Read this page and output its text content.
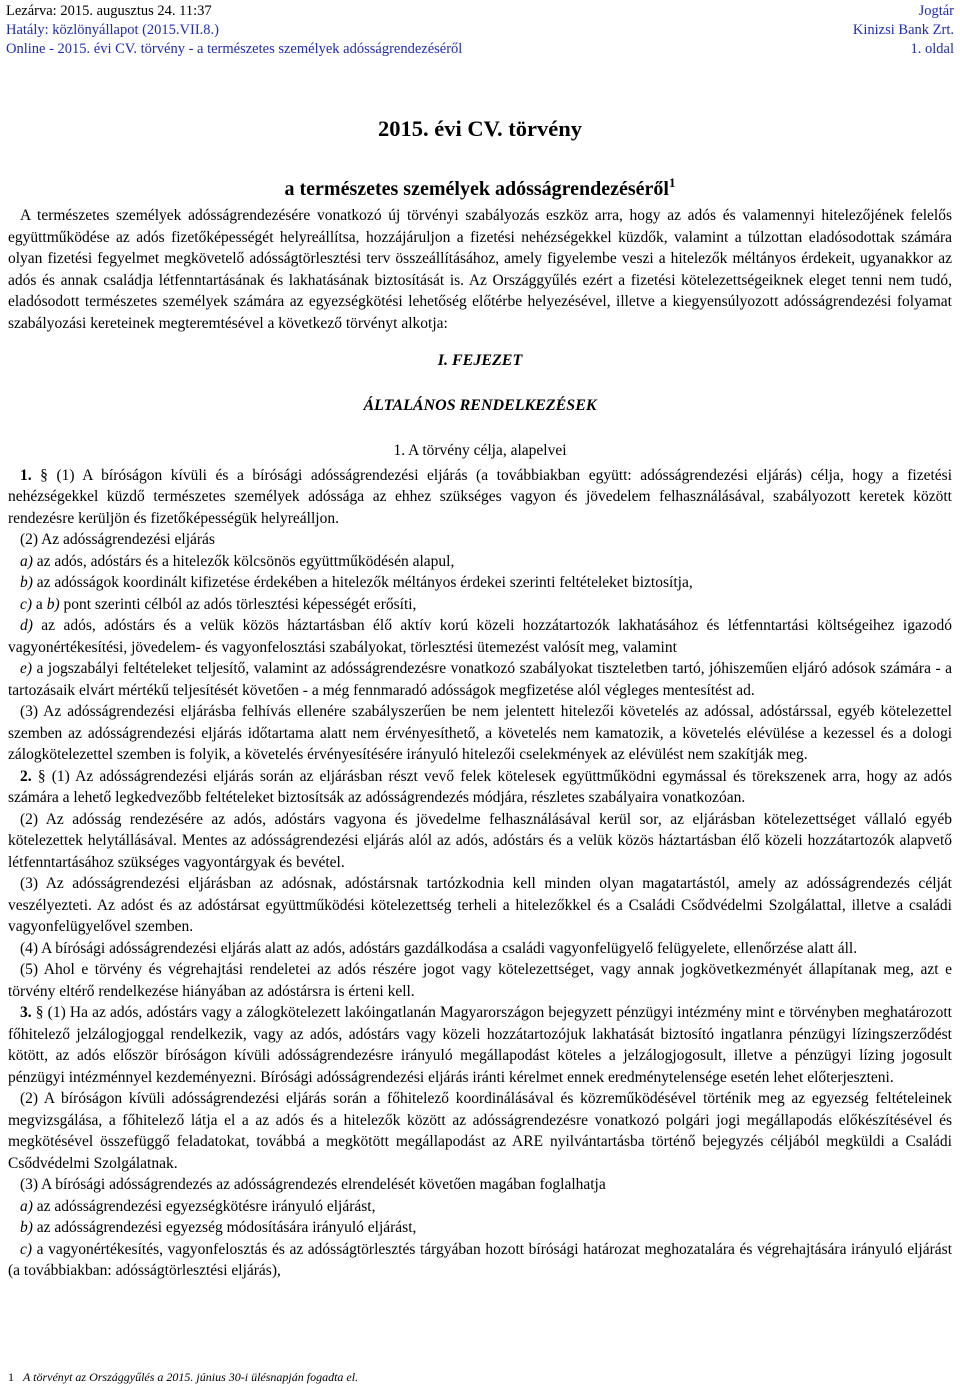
Lezárva: 2015. augusztus 24. 11:37
Hatály: közlönyállapot (2015.VII.8.)
Online - 2015. évi CV. törvény - a természetes személyek adósságrendezéséről
Jogtár
Kinizsi Bank Zrt.
1. oldal
2015. évi CV. törvény
a természetes személyek adósságrendezéséről$^1$

A természetes személyek adósságrendezésére vonatkozó új törvényi szabályozás eszköz arra, hogy az adós és valamennyi hitelezőjének felelős együttműködése az adós fizetőképességét helyreállítsa, hozzájáruljon a fizetési nehézségekkel küzdők, valamint a túlzottan eladósodottak számára olyan fizetési fegyelmet megkövetelő adósságtörlesztési terv összeállításához, amely figyelembe veszi a hitelezők méltányos érdekeit, ugyanakkor az adós és annak családja létfenntartásának és lakhatásának biztosítását is. Az Országgyűlés ezért a fizetési kötelezettségeiknek eleget tenni nem tudó, eladósodott természetes személyek számára az egyezségkötési lehetőség előtérbe helyezésével, illetve a kiegyensúlyozott adósságrendezési folyamat szabályozási kereteinek megteremtésével a következő törvényt alkotja:

I. FEJEZET

ÁLTALÁNOS RENDELKEZÉSEK

1. A törvény célja, alapelvei

1. § (1) A bíróságon kívüli és a bírósági adósságrendezési eljárás (a továbbiakban együtt: adósságrendezési eljárás) célja, hogy a fizetési nehézségekkel küzdő természetes személyek adóssága az ehhez szükséges vagyon és jövedelem felhasználásával, szabályozott keretek között rendezésre kerüljön és fizetőképességük helyreálljon.

(2) Az adósságrendezési eljárás

a) az adós, adóstárs és a hitelezők kölcsönös együttműködésén alapul,

b) az adósságok koordinált kifizetése érdekében a hitelezők méltányos érdekei szerinti feltételeket biztosítja,

c) a b) pont szerinti célból az adós törlesztési képességét erősíti,

d) az adós, adóstárs és a velük közös háztartásban élő aktív korú közeli hozzátartozók lakhatásához és létfenntartási költségeihez igazodó vagyonértékesítési, jövedelem- és vagyonfelosztási szabályokat, törlesztési ütemezést valósít meg, valamint

e) a jogszabályi feltételeket teljesítő, valamint az adósságrendezésre vonatkozó szabályokat tiszteletben tartó, jóhiszeműen eljáró adósok számára - a tartozásaik elvárt mértékű teljesítését követően - a még fennmaradó adósságok megfizetése alól végleges mentesítést ad.

(3) Az adósságrendezési eljárásba felhívás ellenére szabályszerűen be nem jelentett hitelezői követelés az adóssal, adóstárssal, egyéb kötelezettel szemben az adósságrendezési eljárás időtartama alatt nem érvényesíthető, a követelés nem kamatozik, a követelés elévülése a kezessel és a dologi zálogkötelezettel szemben is folyik, a követelés érvényesítésére irányuló hitelezői cselekmények az elévülést nem szakítják meg.

2. § (1) Az adósságrendezési eljárás során az eljárásban részt vevő felek kötelesek együttműködni egymással és törekszenek arra, hogy az adós számára a lehető legkedvezőbb feltételeket biztosítsák az adósságrendezés módjára, részletes szabályaira vonatkozóan.

(2) Az adósság rendezésére az adós, adóstárs vagyona és jövedelme felhasználásával kerül sor, az eljárásban kötelezettséget vállaló egyéb kötelezettek helytállásával. Mentes az adósságrendezési eljárás alól az adós, adóstárs és a velük közös háztartásban élő közeli hozzátartozók alapvető létfenntartásához szükséges vagyontárgyak és bevétel.

(3) Az adósságrendezési eljárásban az adósnak, adóstársnak tartózkodnia kell minden olyan magatartástól, amely az adósságrendezés célját veszélyezteti. Az adóst és az adóstársat együttműködési kötelezettség terheli a hitelezőkkel és a Családi Csődvédelmi Szolgálattal, illetve a családi vagyonfelügyelővel szemben.

(4) A bírósági adósságrendezési eljárás alatt az adós, adóstárs gazdálkodása a családi vagyonfelügyelő felügyelete, ellenőrzése alatt áll.

(5) Ahol e törvény és végrehajtási rendeletei az adós részére jogot vagy kötelezettséget, vagy annak jogkövetkezményét állapítanak meg, azt e törvény eltérő rendelkezése hiányában az adóstársra is érteni kell.

3. § (1) Ha az adós, adóstárs vagy a zálogkötelezett lakóingatlanán Magyarországon bejegyzett pénzügyi intézmény mint e törvényben meghatározott főhitelező jelzálogjoggal rendelkezik, vagy az adós, adóstárs vagy közeli hozzátartozójuk lakhatását biztosító ingatlanra pénzügyi lízingszerződést kötött, az adós először bíróságon kívüli adósságrendezésre irányuló megállapodást köteles a jelzálogjogosult, illetve a pénzügyi lízing jogosult pénzügyi intézménnyel kezdeményezni. Bírósági adósságrendezési eljárás iránti kérelmet ennek eredménytelensége esetén lehet előterjeszteni.

(2) A bíróságon kívüli adósságrendezési eljárás során a főhitelező koordinálásával és közreműködésével történik meg az egyezség feltételeinek megvizsgálása, a főhitelező látja el a az adós és a hitelezők között az adósságrendezésre vonatkozó polgári jogi megállapodás előkészítésével és megkötésével összefüggő feladatokat, továbbá a megkötött megállapodást az ARE nyilvántartásba történő bejegyzés céljából megküldi a Családi Csődvédelmi Szolgálatnak.

(3) A bírósági adósságrendezés az adósságrendezés elrendelését követően magában foglalhatja

a) az adósságrendezési egyezségkötésre irányuló eljárást,

b) az adósságrendezési egyezség módosítására irányuló eljárást,

c) a vagyonértékesítés, vagyonfelosztás és az adósságtörlesztés tárgyában hozott bírósági határozat meghozatalára és végrehajtására irányuló eljárást (a továbbiakban: adósságtörlesztési eljárás),

1 A törvényt az Országgyűlés a 2015. június 30-i ülésnapján fogadta el.
